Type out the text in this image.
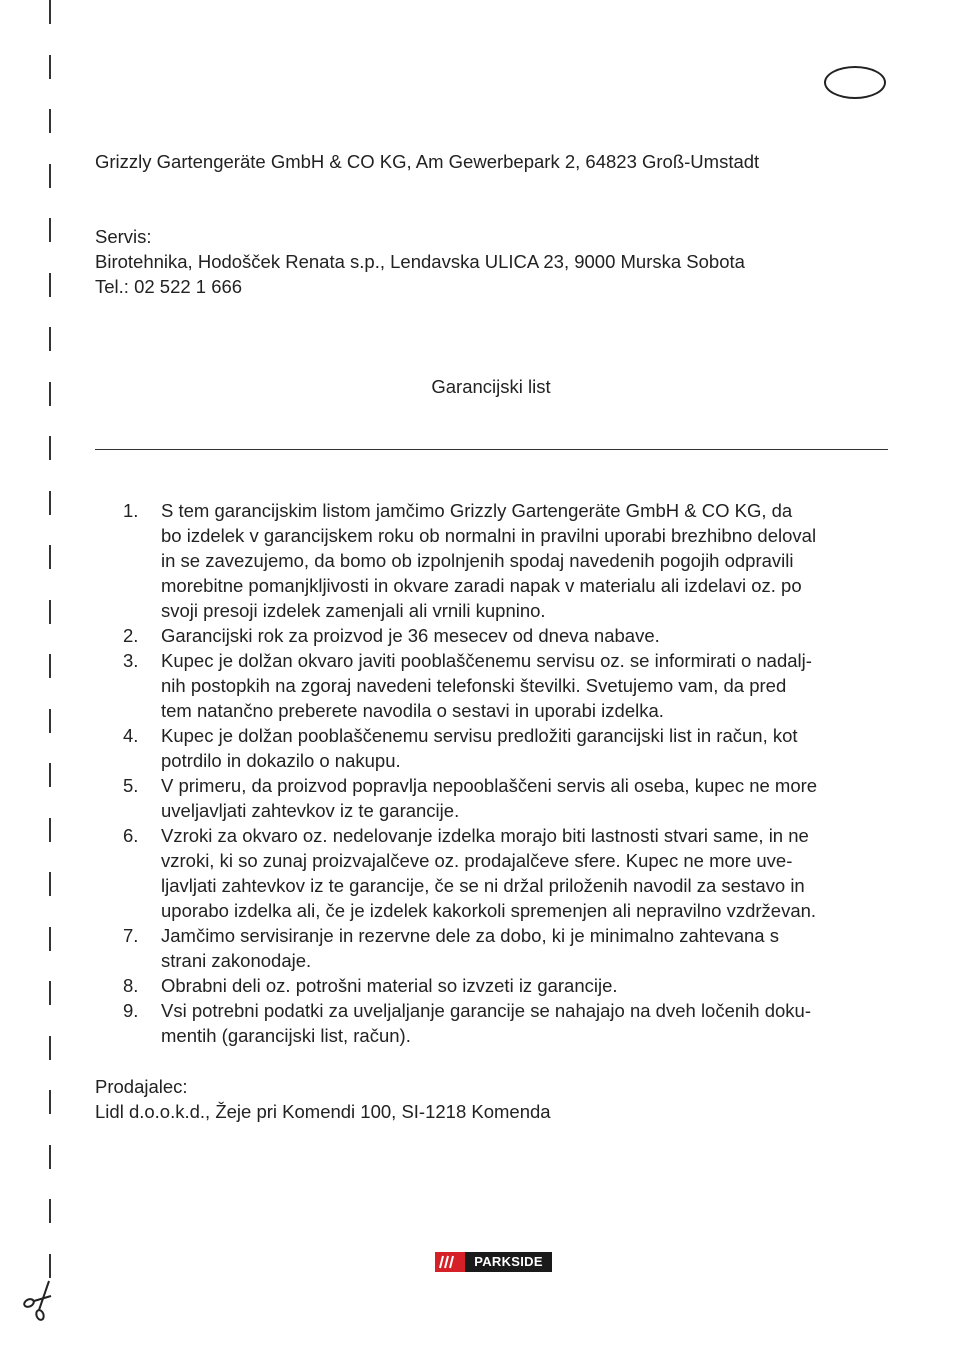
Grizzly Gartengeräte GmbH & CO KG, Am Gewerbepark 2, 64823 Groß-Umstadt
Servis:
Birotehnika, Hodošček Renata s.p., Lendavska ULICA 23, 9000 Murska Sobota
Tel.: 02 522 1 666
Garancijski list
1. S tem garancijskim listom jamčimo Grizzly Gartengeräte GmbH & CO KG, da
bo izdelek v garancijskem roku ob normalni in pravilni uporabi brezhibno deloval
in se zavezujemo, da bomo ob izpolnjenih spodaj navedenih pogojih odpravili
morebitne pomanjkljivosti in okvare zaradi napak v materialu ali izdelavi oz. po
svoji presoji izdelek zamenjali ali vrnili kupnino.
2. Garancijski rok za proizvod je 36 mesecev od dneva nabave.
3. Kupec je dolžan okvaro javiti pooblaščenemu servisu oz. se informirati o nadalj-
nih postopkih na zgoraj navedeni telefonski številki. Svetujemo vam, da pred
tem natančno preberete navodila o sestavi in uporabi izdelka.
4. Kupec je dolžan pooblaščenemu servisu predložiti garancijski list in račun, kot
potrdilo in dokazilo o nakupu.
5. V primeru, da proizvod popravlja nepooblaščeni servis ali oseba, kupec ne more
uveljavljati zahtevkov iz te garancije.
6. Vzroki za okvaro oz. nedelovanje izdelka morajo biti lastnosti stvari same, in ne
vzroki, ki so zunaj proizvajalčeve oz. prodajalčeve sfere. Kupec ne more uve-
ljavljati zahtevkov iz te garancije, če se ni držal priloženih navodil za sestavo in
uporabo izdelka ali, če je izdelek kakorkoli spremenjen ali nepravilno vzdrževan.
7. Jamčimo servisiranje in rezervne dele za dobo, ki je minimalno zahtevana s
strani zakonodaje.
8. Obrabni deli oz. potrošni material so izvzeti iz garancije.
9. Vsi potrebni podatki za uveljaljanje garancije se nahajajo na dveh ločenih doku-
mentih (garancijski list, račun).
Prodajalec:
Lidl d.o.o.k.d., Žeje pri Komendi 100, SI-1218 Komenda
PARKSIDE
